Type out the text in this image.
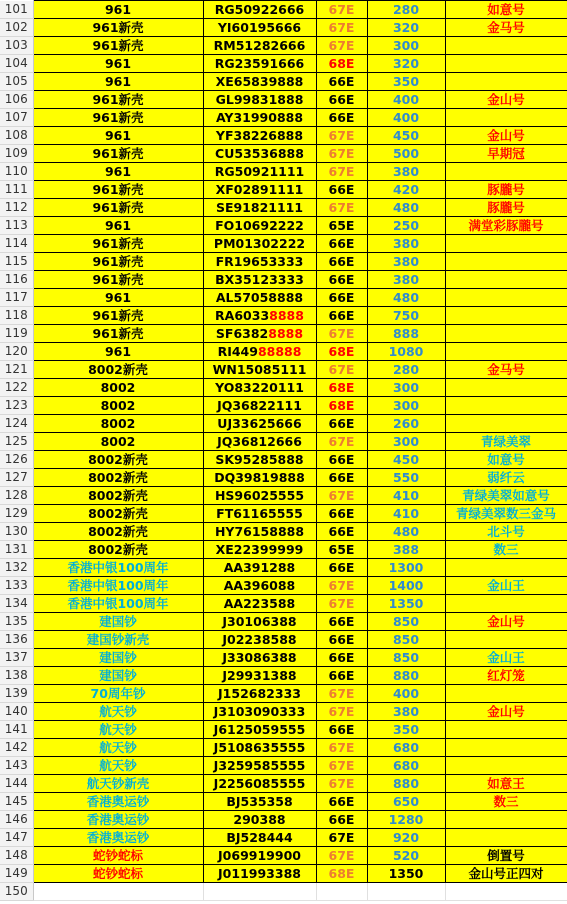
101	961	RG50922666	67E	280	如意号
102	961新壳	YI60195666	67E	320	金马号
103	961新壳	RM51282666	67E	300	
104	961	RG23591666	68E	320	
105	961	XE65839888	66E	350	
106	961新壳	GL99831888	66E	400	金山号
107	961新壳	AY31990888	66E	400	
108	961	YF38226888	67E	450	金山号
109	961新壳	CU53536888	67E	500	早期冠
110	961	RG50921111	67E	380	
111	961新壳	XF02891111	66E	420	豚朧号
112	961新壳	SE91821111	67E	480	豚朧号
113	961	FO10692222	65E	250	满堂彩豚朧号
114	961新壳	PM01302222	66E	380	
115	961新壳	FR19653333	66E	380	
116	961新壳	BX35123333	66E	380	
117	961	AL57058888	66E	480	
118	961新壳	RA60338888	66E	750	
119	961新壳	SF63828888	67E	888	
120	961	RI44988888	68E	1080	
121	8002新壳	WN15085111	67E	280	金马号
122	8002	YO83220111	68E	300	
123	8002	JQ36822111	68E	300	
124	8002	UJ33625666	66E	260	
125	8002	JQ36812666	67E	300	青绿美翠
126	8002新壳	SK95285888	66E	450	如意号
127	8002新壳	DQ39819888	66E	550	弱纤云
128	8002新壳	HS96025555	67E	410	青绿美翠如意号
129	8002新壳	FT61165555	66E	410	青绿美翠数三金马
130	8002新壳	HY76158888	66E	480	北斗号
131	8002新壳	XE22399999	65E	388	数三
132	香港中银100周年	AA391288	66E	1300	
133	香港中银100周年	AA396088	67E	1400	金山王
134	香港中银100周年	AA223588	67E	1350	
135	建国钞	J30106388	66E	850	金山号
136	建国钞新壳	J02238588	66E	850	
137	建国钞	J33086388	66E	850	金山王
138	建国钞	J29931388	66E	880	红灯笼
139	70周年钞	J152682333	67E	400	
140	航天钞	J3103090333	67E	380	金山号
141	航天钞	J6125059555	66E	350	
142	航天钞	J5108635555	67E	680	
143	航天钞	J3259585555	67E	680	
144	航天钞新壳	J2256085555	67E	880	如意王
145	香港奥运钞	BJ535358	66E	650	数三
146	香港奥运钞	290388	66E	1280	
147	香港奥运钞	BJ528444	67E	920	
148	蛇钞蛇标	J069919900	67E	520	倒置号
149	蛇钞蛇标	J011993388	68E	1350	金山号正四对
150					
